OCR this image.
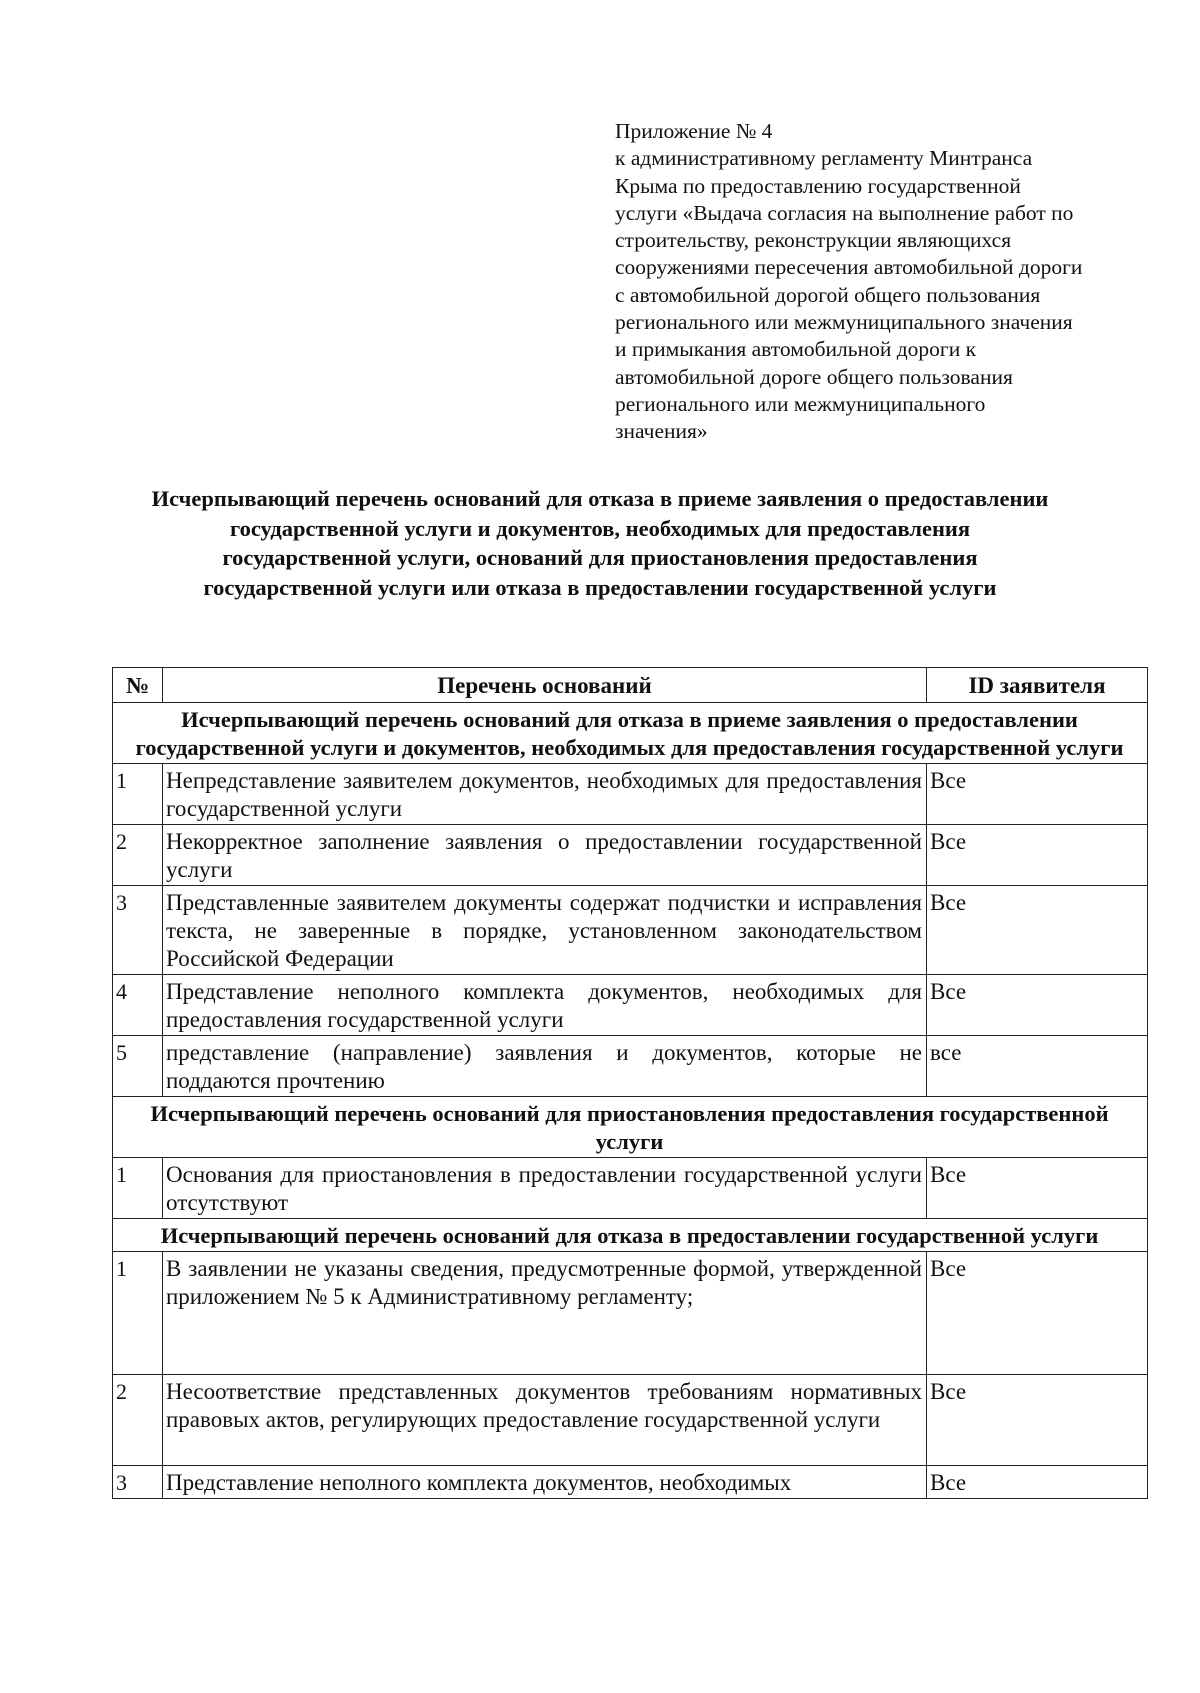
Приложение № 4
к административному регламенту Минтранса
Крыма по предоставлению государственной
услуги «Выдача согласия на выполнение работ по
строительству, реконструкции являющихся
сооружениями пересечения автомобильной дороги
с автомобильной дорогой общего пользования
регионального или межмуниципального значения
и примыкания автомобильной дороги к
автомобильной дороге общего пользования
регионального или межмуниципального
значения»
Исчерпывающий перечень оснований для отказа в приеме заявления о предоставлении государственной услуги и документов, необходимых для предоставления государственной услуги, оснований для приостановления предоставления государственной услуги или отказа в предоставлении государственной услуги
№	Перечень оснований	ID заявителя
Исчерпывающий перечень оснований для отказа в приеме заявления о предоставлении государственной услуги и документов, необходимых для предоставления государственной услуги		
1	Непредставление заявителем документов, необходимых для предоставления государственной услуги	Все
2	Некорректное заполнение заявления о предоставлении государственной услуги	Все
3	Представленные заявителем документы содержат подчистки и исправления текста, не заверенные в порядке, установленном законодательством Российской Федерации	Все
4	Представление неполного комплекта документов, необходимых для предоставления государственной услуги	Все
5	представление (направление) заявления и документов, которые не поддаются прочтению	все
Исчерпывающий перечень оснований для приостановления предоставления государственной услуги		
1	Основания для приостановления в предоставлении государственной услуги отсутствуют	Все
Исчерпывающий перечень оснований для отказа в предоставлении государственной услуги		
1	В заявлении не указаны сведения, предусмотренные формой, утвержденной приложением № 5 к Административному регламенту;	Все
2	Несоответствие представленных документов требованиям нормативных правовых актов, регулирующих предоставление государственной услуги	Все
3	Представление неполного комплекта документов, необходимых	Все
